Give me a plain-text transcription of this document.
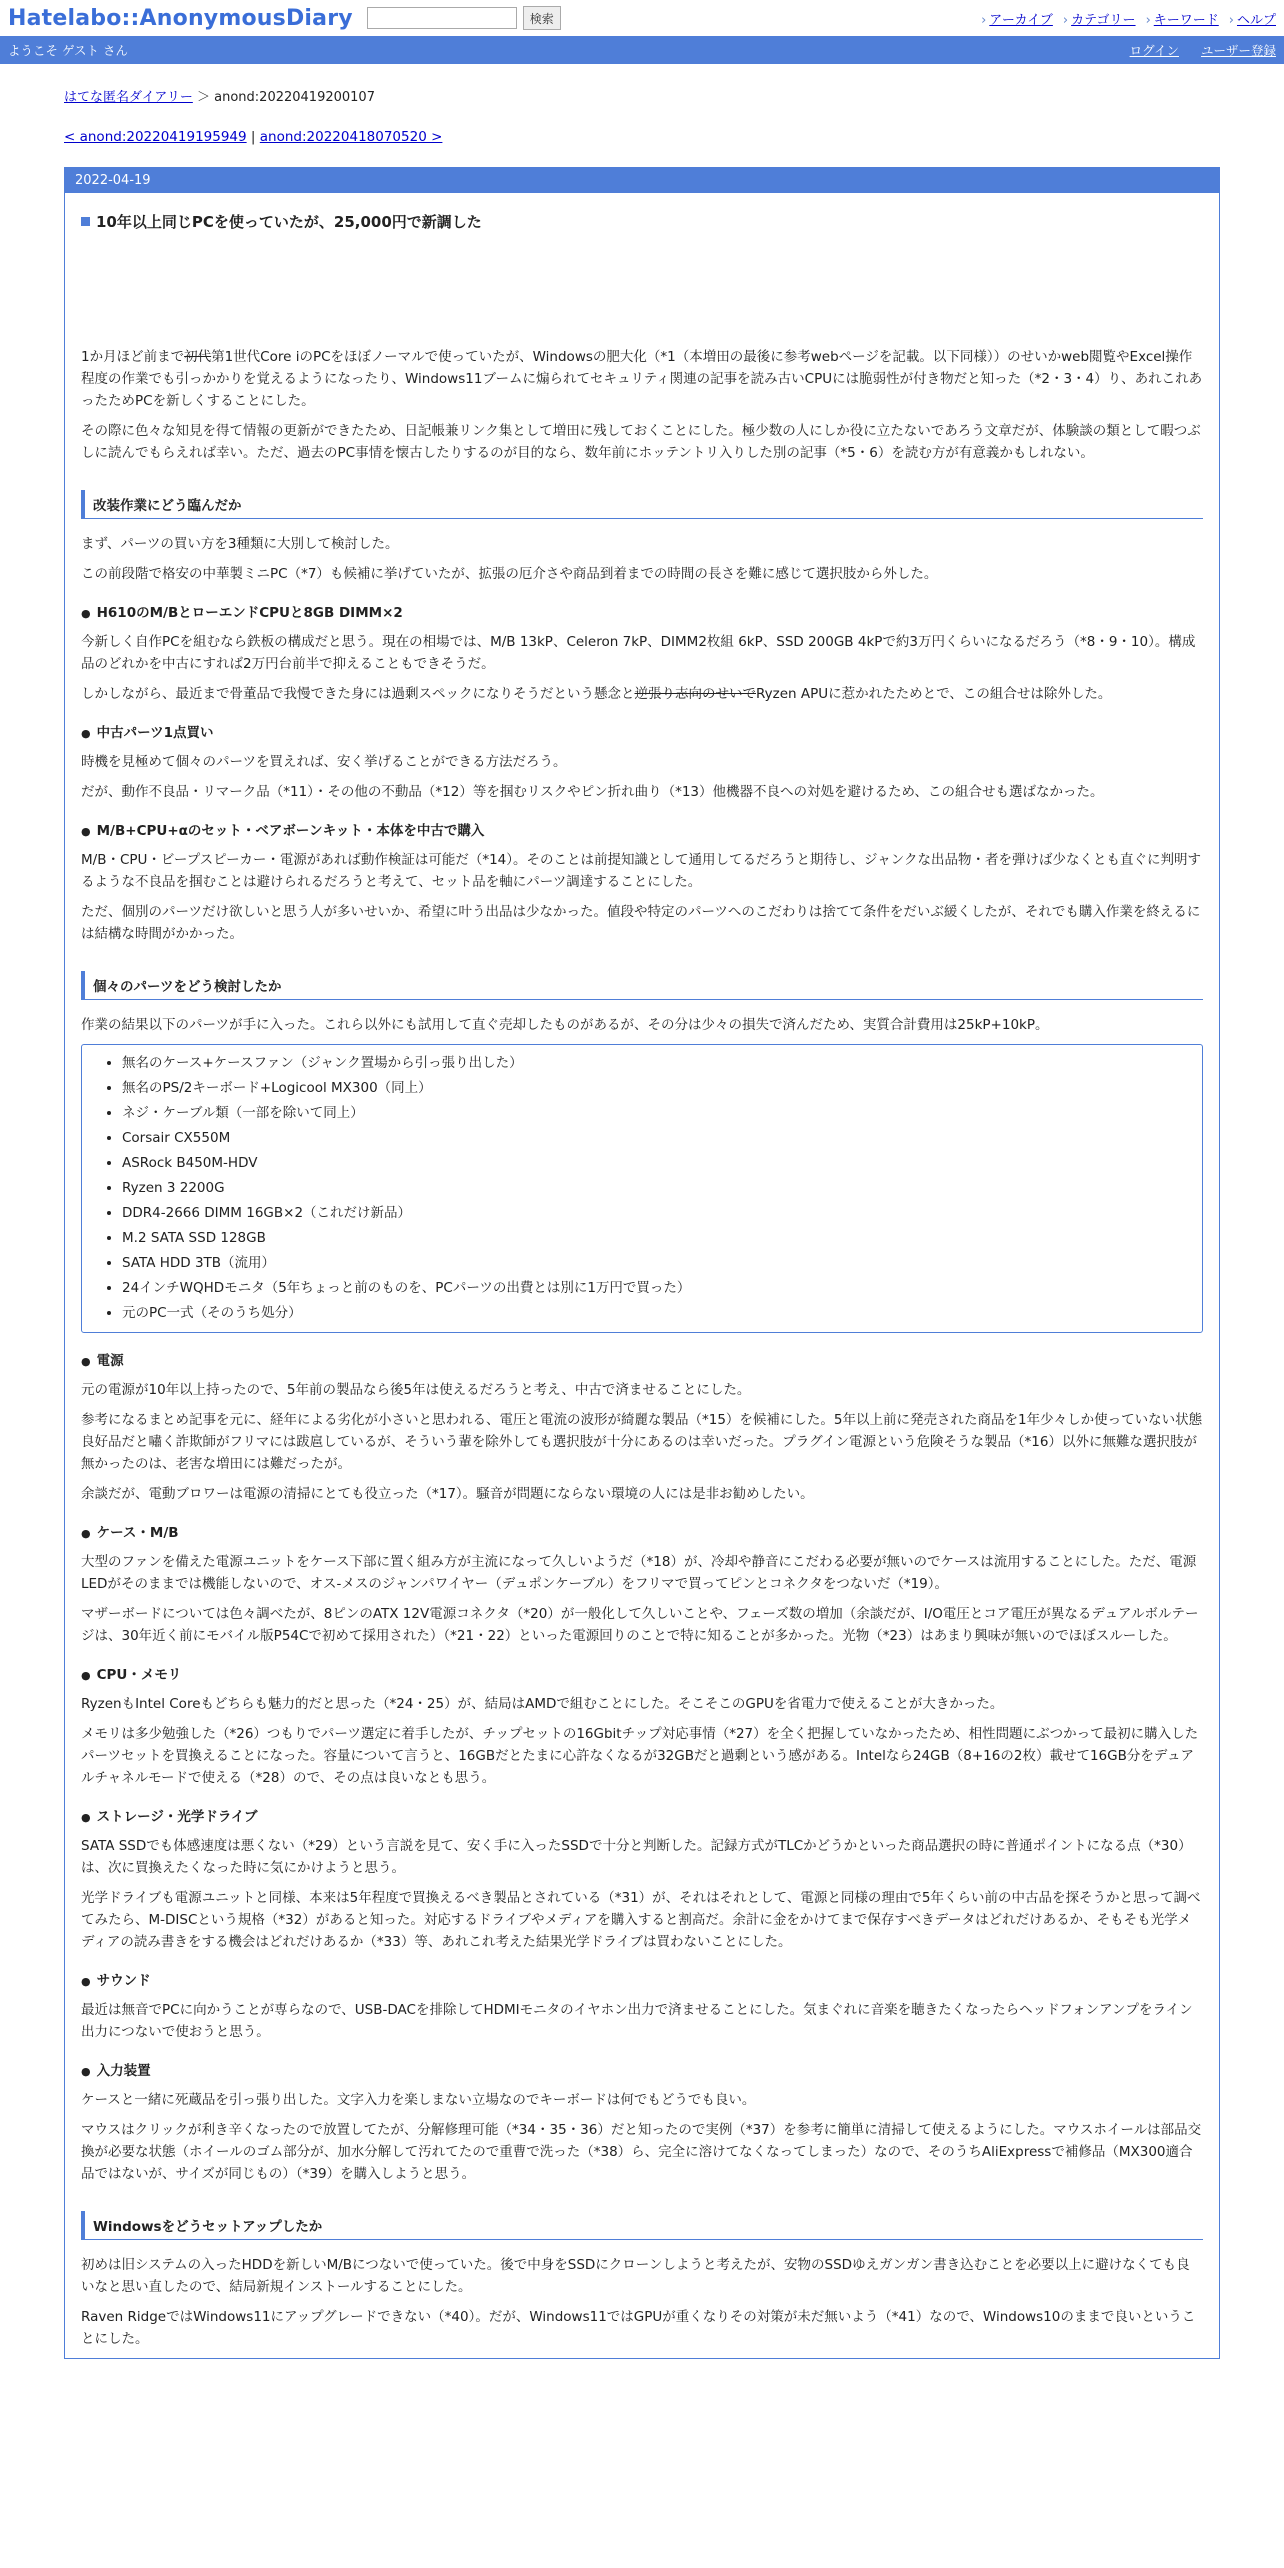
Hatelabo::AnonymousDiary	検索	› アーカイブ	› カテゴリー	› キーワード	› ヘルプ
ようこそ ゲスト さん	ログイン ユーザー登録
はてな匿名ダイアリー ＞ anond:20220419200107
< anond:20220419195949 | anond:20220418070520 >
2022-04-19
10年以上同じPCを使っていたが、25,000円で新調した

1か月ほど前まで初代第1世代Core iのPCをほぼノーマルで使っていたが、Windowsの肥大化（*1（本増田の最後に参考webページを記載。以下同様））のせいかweb閲覧やExcel操作程度の作業でも引っかかりを覚えるようになったり、Windows11ブームに煽られてセキュリティ関連の記事を読み古いCPUには脆弱性が付き物だと知った（*2・3・4）り、あれこれあったためPCを新しくすることにした。

その際に色々な知見を得て情報の更新ができたため、日記帳兼リンク集として増田に残しておくことにした。極少数の人にしか役に立たないであろう文章だが、体験談の類として暇つぶしに読んでもらえれば幸い。ただ、過去のPC事情を懐古したりするのが目的なら、数年前にホッテントリ入りした別の記事（*5・6）を読む方が有意義かもしれない。

改装作業にどう臨んだか

まず、パーツの買い方を3種類に大別して検討した。

この前段階で格安の中華製ミニPC（*7）も候補に挙げていたが、拡張の厄介さや商品到着までの時間の長さを難に感じて選択肢から外した。

● H610のM/BとローエンドCPUと8GB DIMM×2

今新しく自作PCを組むなら鉄板の構成だと思う。現在の相場では、M/B 13kP、Celeron 7kP、DIMM2枚組 6kP、SSD 200GB 4kPで約3万円くらいになるだろう（*8・9・10）。構成品のどれかを中古にすれば2万円台前半で抑えることもできそうだ。

しかしながら、最近まで骨董品で我慢できた身には過剰スペックになりそうだという懸念と逆張り志向のせいでRyzen APUに惹かれたためとで、この組合せは除外した。

● 中古パーツ1点買い

時機を見極めて個々のパーツを買えれば、安く挙げることができる方法だろう。

だが、動作不良品・リマーク品（*11）・その他の不動品（*12）等を掴むリスクやピン折れ曲り（*13）他機器不良への対処を避けるため、この組合せも選ばなかった。

● M/B+CPU+αのセット・ベアボーンキット・本体を中古で購入

M/B・CPU・ビープスピーカー・電源があれば動作検証は可能だ（*14）。そのことは前提知識として通用してるだろうと期待し、ジャンクな出品物・者を弾けば少なくとも直ぐに判明するような不良品を掴むことは避けられるだろうと考えて、セット品を軸にパーツ調達することにした。

ただ、個別のパーツだけ欲しいと思う人が多いせいか、希望に叶う出品は少なかった。値段や特定のパーツへのこだわりは捨てて条件をだいぶ緩くしたが、それでも購入作業を終えるには結構な時間がかかった。

個々のパーツをどう検討したか

作業の結果以下のパーツが手に入った。これら以外にも試用して直ぐ売却したものがあるが、その分は少々の損失で済んだため、実質合計費用は25kP+10kP。

• 無名のケース+ケースファン（ジャンク置場から引っ張り出した）
• 無名のPS/2キーボード+Logicool MX300（同上）
• ネジ・ケーブル類（一部を除いて同上）
• Corsair CX550M
• ASRock B450M-HDV
• Ryzen 3 2200G
• DDR4-2666 DIMM 16GB×2（これだけ新品）
• M.2 SATA SSD 128GB
• SATA HDD 3TB（流用）
• 24インチWQHDモニタ（5年ちょっと前のものを、PCパーツの出費とは別に1万円で買った）
• 元のPC一式（そのうち処分）
● 電源

元の電源が10年以上持ったので、5年前の製品なら後5年は使えるだろうと考え、中古で済ませることにした。

参考になるまとめ記事を元に、経年による劣化が小さいと思われる、電圧と電流の波形が綺麗な製品（*15）を候補にした。5年以上前に発売された商品を1年少々しか使っていない状態良好品だと嘯く詐欺師がフリマには跋扈しているが、そういう輩を除外しても選択肢が十分にあるのは幸いだった。プラグイン電源という危険そうな製品（*16）以外に無難な選択肢が無かったのは、老害な増田には難だったが。

余談だが、電動ブロワーは電源の清掃にとても役立った（*17）。騒音が問題にならない環境の人には是非お勧めしたい。

● ケース・M/B

大型のファンを備えた電源ユニットをケース下部に置く組み方が主流になって久しいようだ（*18）が、冷却や静音にこだわる必要が無いのでケースは流用することにした。ただ、電源LEDがそのままでは機能しないので、オス-メスのジャンパワイヤー（デュポンケーブル）をフリマで買ってピンとコネクタをつないだ（*19）。

マザーボードについては色々調べたが、8ピンのATX 12V電源コネクタ（*20）が一般化して久しいことや、フェーズ数の増加（余談だが、I/O電圧とコア電圧が異なるデュアルボルテージは、30年近く前にモバイル版P54Cで初めて採用された）（*21・22）といった電源回りのことで特に知ることが多かった。光物（*23）はあまり興味が無いのでほぼスルーした。

● CPU・メモリ

RyzenもIntel Coreもどちらも魅力的だと思った（*24・25）が、結局はAMDで組むことにした。そこそこのGPUを省電力で使えることが大きかった。

メモリは多少勉強した（*26）つもりでパーツ選定に着手したが、チップセットの16Gbitチップ対応事情（*27）を全く把握していなかったため、相性問題にぶつかって最初に購入したパーツセットを買換えることになった。容量について言うと、16GBだとたまに心許なくなるが32GBだと過剰という感がある。Intelなら24GB（8+16の2枚）載せて16GB分をデュアルチャネルモードで使える（*28）ので、その点は良いなとも思う。

● ストレージ・光学ドライブ

SATA SSDでも体感速度は悪くない（*29）という言説を見て、安く手に入ったSSDで十分と判断した。記録方式がTLCかどうかといった商品選択の時に普通ポイントになる点（*30）は、次に買換えたくなった時に気にかけようと思う。

光学ドライブも電源ユニットと同様、本来は5年程度で買換えるべき製品とされている（*31）が、それはそれとして、電源と同様の理由で5年くらい前の中古品を探そうかと思って調べてみたら、M-DISCという規格（*32）があると知った。対応するドライブやメディアを購入すると割高だ。余計に金をかけてまで保存すべきデータはどれだけあるか、そもそも光学メディアの読み書きをする機会はどれだけあるか（*33）等、あれこれ考えた結果光学ドライブは買わないことにした。

● サウンド

最近は無音でPCに向かうことが専らなので、USB-DACを排除してHDMIモニタのイヤホン出力で済ませることにした。気まぐれに音楽を聴きたくなったらヘッドフォンアンプをライン出力につないで使おうと思う。

● 入力装置

ケースと一緒に死蔵品を引っ張り出した。文字入力を楽しまない立場なのでキーボードは何でもどうでも良い。

マウスはクリックが利き辛くなったので放置してたが、分解修理可能（*34・35・36）だと知ったので実例（*37）を参考に簡単に清掃して使えるようにした。マウスホイールは部品交換が必要な状態（ホイールのゴム部分が、加水分解して汚れてたので重曹で洗った（*38）ら、完全に溶けてなくなってしまった）なので、そのうちAliExpressで補修品（MX300適合品ではないが、サイズが同じもの）（*39）を購入しようと思う。

Windowsをどうセットアップしたか

初めは旧システムの入ったHDDを新しいM/Bにつないで使っていた。後で中身をSSDにクローンしようと考えたが、安物のSSDゆえガンガン書き込むことを必要以上に避けなくても良いなと思い直したので、結局新規インストールすることにした。

Raven RidgeではWindows11にアップグレードできない（*40）。だが、Windows11ではGPUが重くなりその対策が未だ無いよう（*41）なので、Windows10のままで良いということにした。
